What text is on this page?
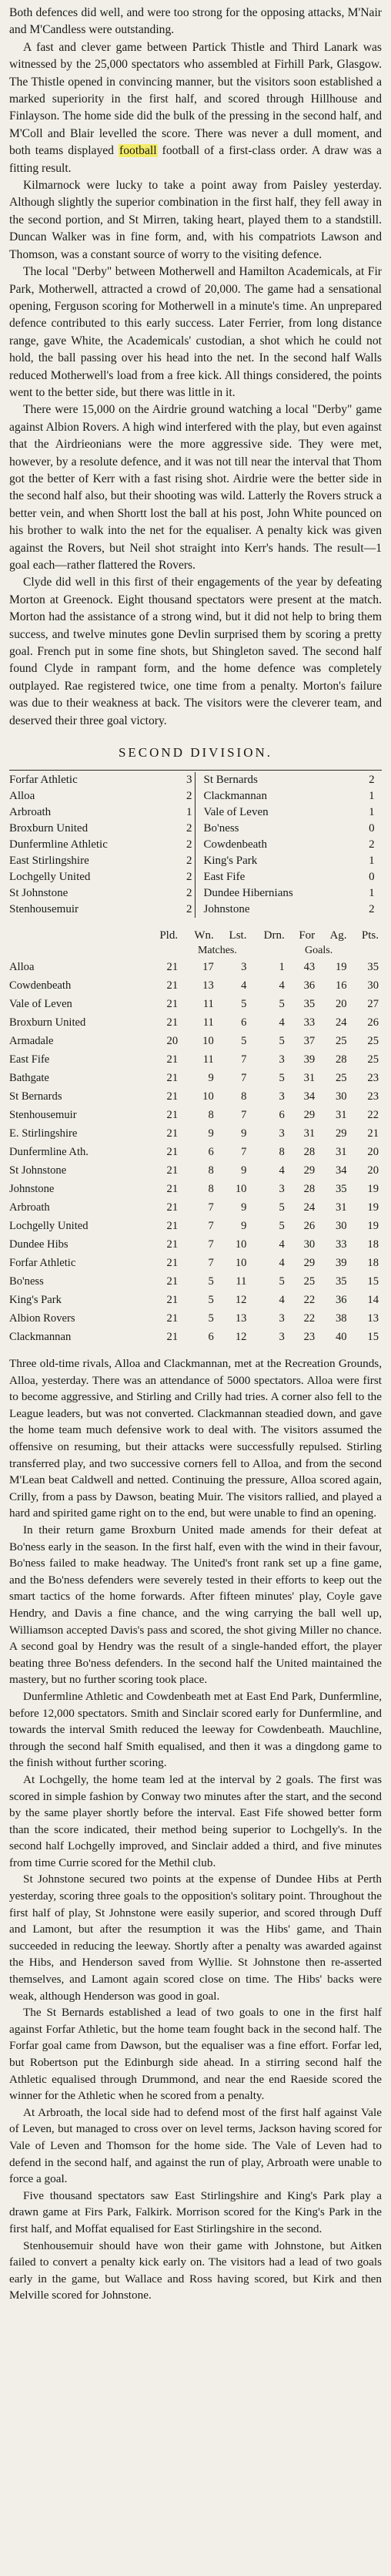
Both defences did well, and were too strong for the opposing attacks, M'Nair and M'Candless were outstanding.

A fast and clever game between Partick Thistle and Third Lanark was witnessed by the 25,000 spectators who assembled at Firhill Park, Glasgow. The Thistle opened in convincing manner, but the visitors soon established a marked superiority in the first half, and scored through Hillhouse and Finlayson. The home side did the bulk of the pressing in the second half, and M'Coll and Blair levelled the score. There was never a dull moment, and both teams displayed football football of a first-class order. A draw was a fitting result.

Kilmarnock were lucky to take a point away from Paisley yesterday. Although slightly the superior combination in the first half, they fell away in the second portion, and St Mirren, taking heart, played them to a standstill. Duncan Walker was in fine form, and, with his compatriots Lawson and Thomson, was a constant source of worry to the visiting defence.

The local "Derby" between Motherwell and Hamilton Academicals, at Fir Park, Motherwell, attracted a crowd of 20,000. The game had a sensational opening, Ferguson scoring for Motherwell in a minute's time. An unprepared defence contributed to this early success. Later Ferrier, from long distance range, gave White, the Academicals' custodian, a shot which he could not hold, the ball passing over his head into the net. In the second half Walls reduced Motherwell's load from a free kick. All things considered, the points went to the better side, but there was little in it.

There were 15,000 on the Airdrie ground watching a local "Derby" game against Albion Rovers. A high wind interfered with the play, but even against that the Airdrieonians were the more aggressive side. They were met, however, by a resolute defence, and it was not till near the interval that Thom got the better of Kerr with a fast rising shot. Airdrie were the better side in the second half also, but their shooting was wild. Latterly the Rovers struck a better vein, and when Shortt lost the ball at his post, John White pounced on his brother to walk into the net for the equaliser. A penalty kick was given against the Rovers, but Neil shot straight into Kerr's hands. The result—1 goal each—rather flattered the Rovers.

Clyde did well in this first of their engagements of the year by defeating Morton at Greenock. Eight thousand spectators were present at the match. Morton had the assistance of a strong wind, but it did not help to bring them success, and twelve minutes gone Devlin surprised them by scoring a pretty goal. French put in some fine shots, but Shingleton saved. The second half found Clyde in rampant form, and the home defence was completely outplayed. Rae registered twice, one time from a penalty. Morton's failure was due to their weakness at back. The visitors were the cleverer team, and deserved their three goal victory.

SECOND DIVISION.
Forfar Athletic	3	St Bernards	2
Alloa	2	Clackmannan	1
Arbroath	1	Vale of Leven	1
Broxburn United	2	Bo'ness	0
Dunfermline Athletic	2	Cowdenbeath	2
East Stirlingshire	2	King's Park	1
Lochgelly United	2	East Fife	0
St Johnstone	2	Dundee Hibernians	1
Stenhousemuir	2	Johnstone	2
	Pld.	Wn.	Lst.	Drn.	For	Ag.	Pts.
	Matches.				Goals.		
Alloa	21	17	3	1	43	19	35
Cowdenbeath	21	13	4	4	36	16	30
Vale of Leven	21	11	5	5	35	20	27
Broxburn United	21	11	6	4	33	24	26
Armadale	20	10	5	5	37	25	25
East Fife	21	11	7	3	39	28	25
Bathgate	21	9	7	5	31	25	23
St Bernards	21	10	8	3	34	30	23
Stenhousemuir	21	8	7	6	29	31	22
E. Stirlingshire	21	9	9	3	31	29	21
Dunfermline Ath.	21	6	7	8	28	31	20
St Johnstone	21	8	9	4	29	34	20
Johnstone	21	8	10	3	28	35	19
Arbroath	21	7	9	5	24	31	19
Lochgelly United	21	7	9	5	26	30	19
Dundee Hibs	21	7	10	4	30	33	18
Forfar Athletic	21	7	10	4	29	39	18
Bo'ness	21	5	11	5	25	35	15
King's Park	21	5	12	4	22	36	14
Albion Rovers	21	5	13	3	22	38	13
Clackmannan	21	6	12	3	23	40	15

Three old-time rivals, Alloa and Clackmannan, met at the Recreation Grounds, Alloa, yesterday. There was an attendance of 5000 spectators. Alloa were first to become aggressive, and Stirling and Crilly had tries. A corner also fell to the League leaders, but was not converted. Clackmannan steadied down, and gave the home team much defensive work to deal with. The visitors assumed the offensive on resuming, but their attacks were successfully repulsed. Stirling transferred play, and two successive corners fell to Alloa, and from the second M'Lean beat Caldwell and netted. Continuing the pressure, Alloa scored again, Crilly, from a pass by Dawson, beating Muir. The visitors rallied, and played a hard and spirited game right on to the end, but were unable to find an opening.

In their return game Broxburn United made amends for their defeat at Bo'ness early in the season. In the first half, even with the wind in their favour, Bo'ness failed to make headway. The United's front rank set up a fine game, and the Bo'ness defenders were severely tested in their efforts to keep out the smart tactics of the home forwards. After fifteen minutes' play, Coyle gave Hendry, and Davis a fine chance, and the wing carrying the ball well up, Williamson accepted Davis's pass and scored, the shot giving Miller no chance. A second goal by Hendry was the result of a single-handed effort, the player beating three Bo'ness defenders. In the second half the United maintained the mastery, but no further scoring took place.

Dunfermline Athletic and Cowdenbeath met at East End Park, Dunfermline, before 12,000 spectators. Smith and Sinclair scored early for Dunfermline, and towards the interval Smith reduced the leeway for Cowdenbeath. Mauchline, through the second half Smith equalised, and then it was a dingdong game to the finish without further scoring.

At Lochgelly, the home team led at the interval by 2 goals. The first was scored in simple fashion by Conway two minutes after the start, and the second by the same player shortly before the interval. East Fife showed better form than the score indicated, their method being superior to Lochgelly's. In the second half Lochgelly improved, and Sinclair added a third, and five minutes from time Currie scored for the Methil club.

St Johnstone secured two points at the expense of Dundee Hibs at Perth yesterday, scoring three goals to the opposition's solitary point. Throughout the first half of play, St Johnstone were easily superior, and scored through Duff and Lamont, but after the resumption it was the Hibs' game, and Thain succeeded in reducing the leeway. Shortly after a penalty was awarded against the Hibs, and Henderson saved from Wyllie. St Johnstone then re-asserted themselves, and Lamont again scored close on time. The Hibs' backs were weak, although Henderson was good in goal.

The St Bernards established a lead of two goals to one in the first half against Forfar Athletic, but the home team fought back in the second half. The Forfar goal came from Dawson, but the equaliser was a fine effort. Forfar led, but Robertson put the Edinburgh side ahead. In a stirring second half the Athletic equalised through Drummond, and near the end Raeside scored the winner for the Athletic when he scored from a penalty.

At Arbroath, the local side had to defend most of the first half against Vale of Leven, but managed to cross over on level terms, Jackson having scored for Vale of Leven and Thomson for the home side. The Vale of Leven had to defend in the second half, and against the run of play, Arbroath were unable to force a goal.

Five thousand spectators saw East Stirlingshire and King's Park play a drawn game at Firs Park, Falkirk. Morrison scored for the King's Park in the first half, and Moffat equalised for East Stirlingshire in the second.

Stenhousemuir should have won their game with Johnstone, but Aitken failed to convert a penalty kick early on. The visitors had a lead of two goals early in the game, but Wallace and Ross having scored, but Kirk and then Melville scored for Johnstone.
